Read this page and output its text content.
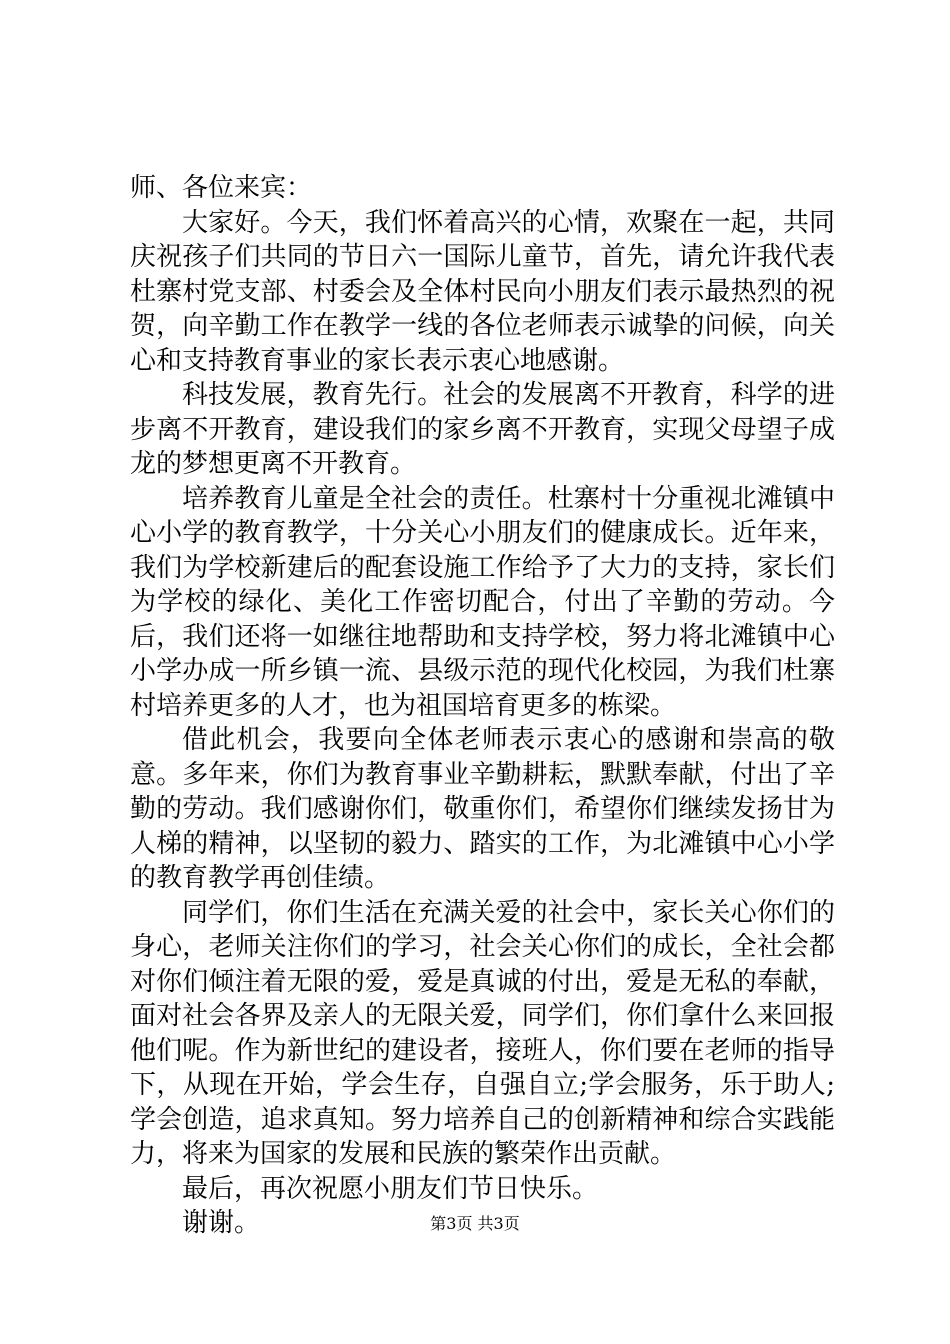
师、各位来宾：

大家好。今天，我们怀着高兴的心情，欢聚在一起，共同庆祝孩子们共同的节日六一国际儿童节，首先，请允许我代表杜寨村党支部、村委会及全体村民向小朋友们表示最热烈的祝贺，向辛勤工作在教学一线的各位老师表示诚挚的问候，向关心和支持教育事业的家长表示衷心地感谢。

科技发展，教育先行。社会的发展离不开教育，科学的进步离不开教育，建设我们的家乡离不开教育，实现父母望子成龙的梦想更离不开教育。

培养教育儿童是全社会的责任。杜寨村十分重视北滩镇中心小学的教育教学，十分关心小朋友们的健康成长。近年来，我们为学校新建后的配套设施工作给予了大力的支持，家长们为学校的绿化、美化工作密切配合，付出了辛勤的劳动。今后，我们还将一如继往地帮助和支持学校，努力将北滩镇中心小学办成一所乡镇一流、县级示范的现代化校园，为我们杜寨村培养更多的人才，也为祖国培育更多的栋梁。

借此机会，我要向全体老师表示衷心的感谢和崇高的敬意。多年来，你们为教育事业辛勤耕耘，默默奉献，付出了辛勤的劳动。我们感谢你们，敬重你们，希望你们继续发扬甘为人梯的精神，以坚韧的毅力、踏实的工作，为北滩镇中心小学的教育教学再创佳绩。

同学们，你们生活在充满关爱的社会中，家长关心你们的身心，老师关注你们的学习，社会关心你们的成长，全社会都对你们倾注着无限的爱，爱是真诚的付出，爱是无私的奉献，面对社会各界及亲人的无限关爱，同学们，你们拿什么来回报他们呢。作为新世纪的建设者，接班人，你们要在老师的指导下，从现在开始，学会生存，自强自立;学会服务，乐于助人;学会创造，追求真知。努力培养自己的创新精神和综合实践能力，将来为国家的发展和民族的繁荣作出贡献。

最后，再次祝愿小朋友们节日快乐。

谢谢。	第3页 共3页
